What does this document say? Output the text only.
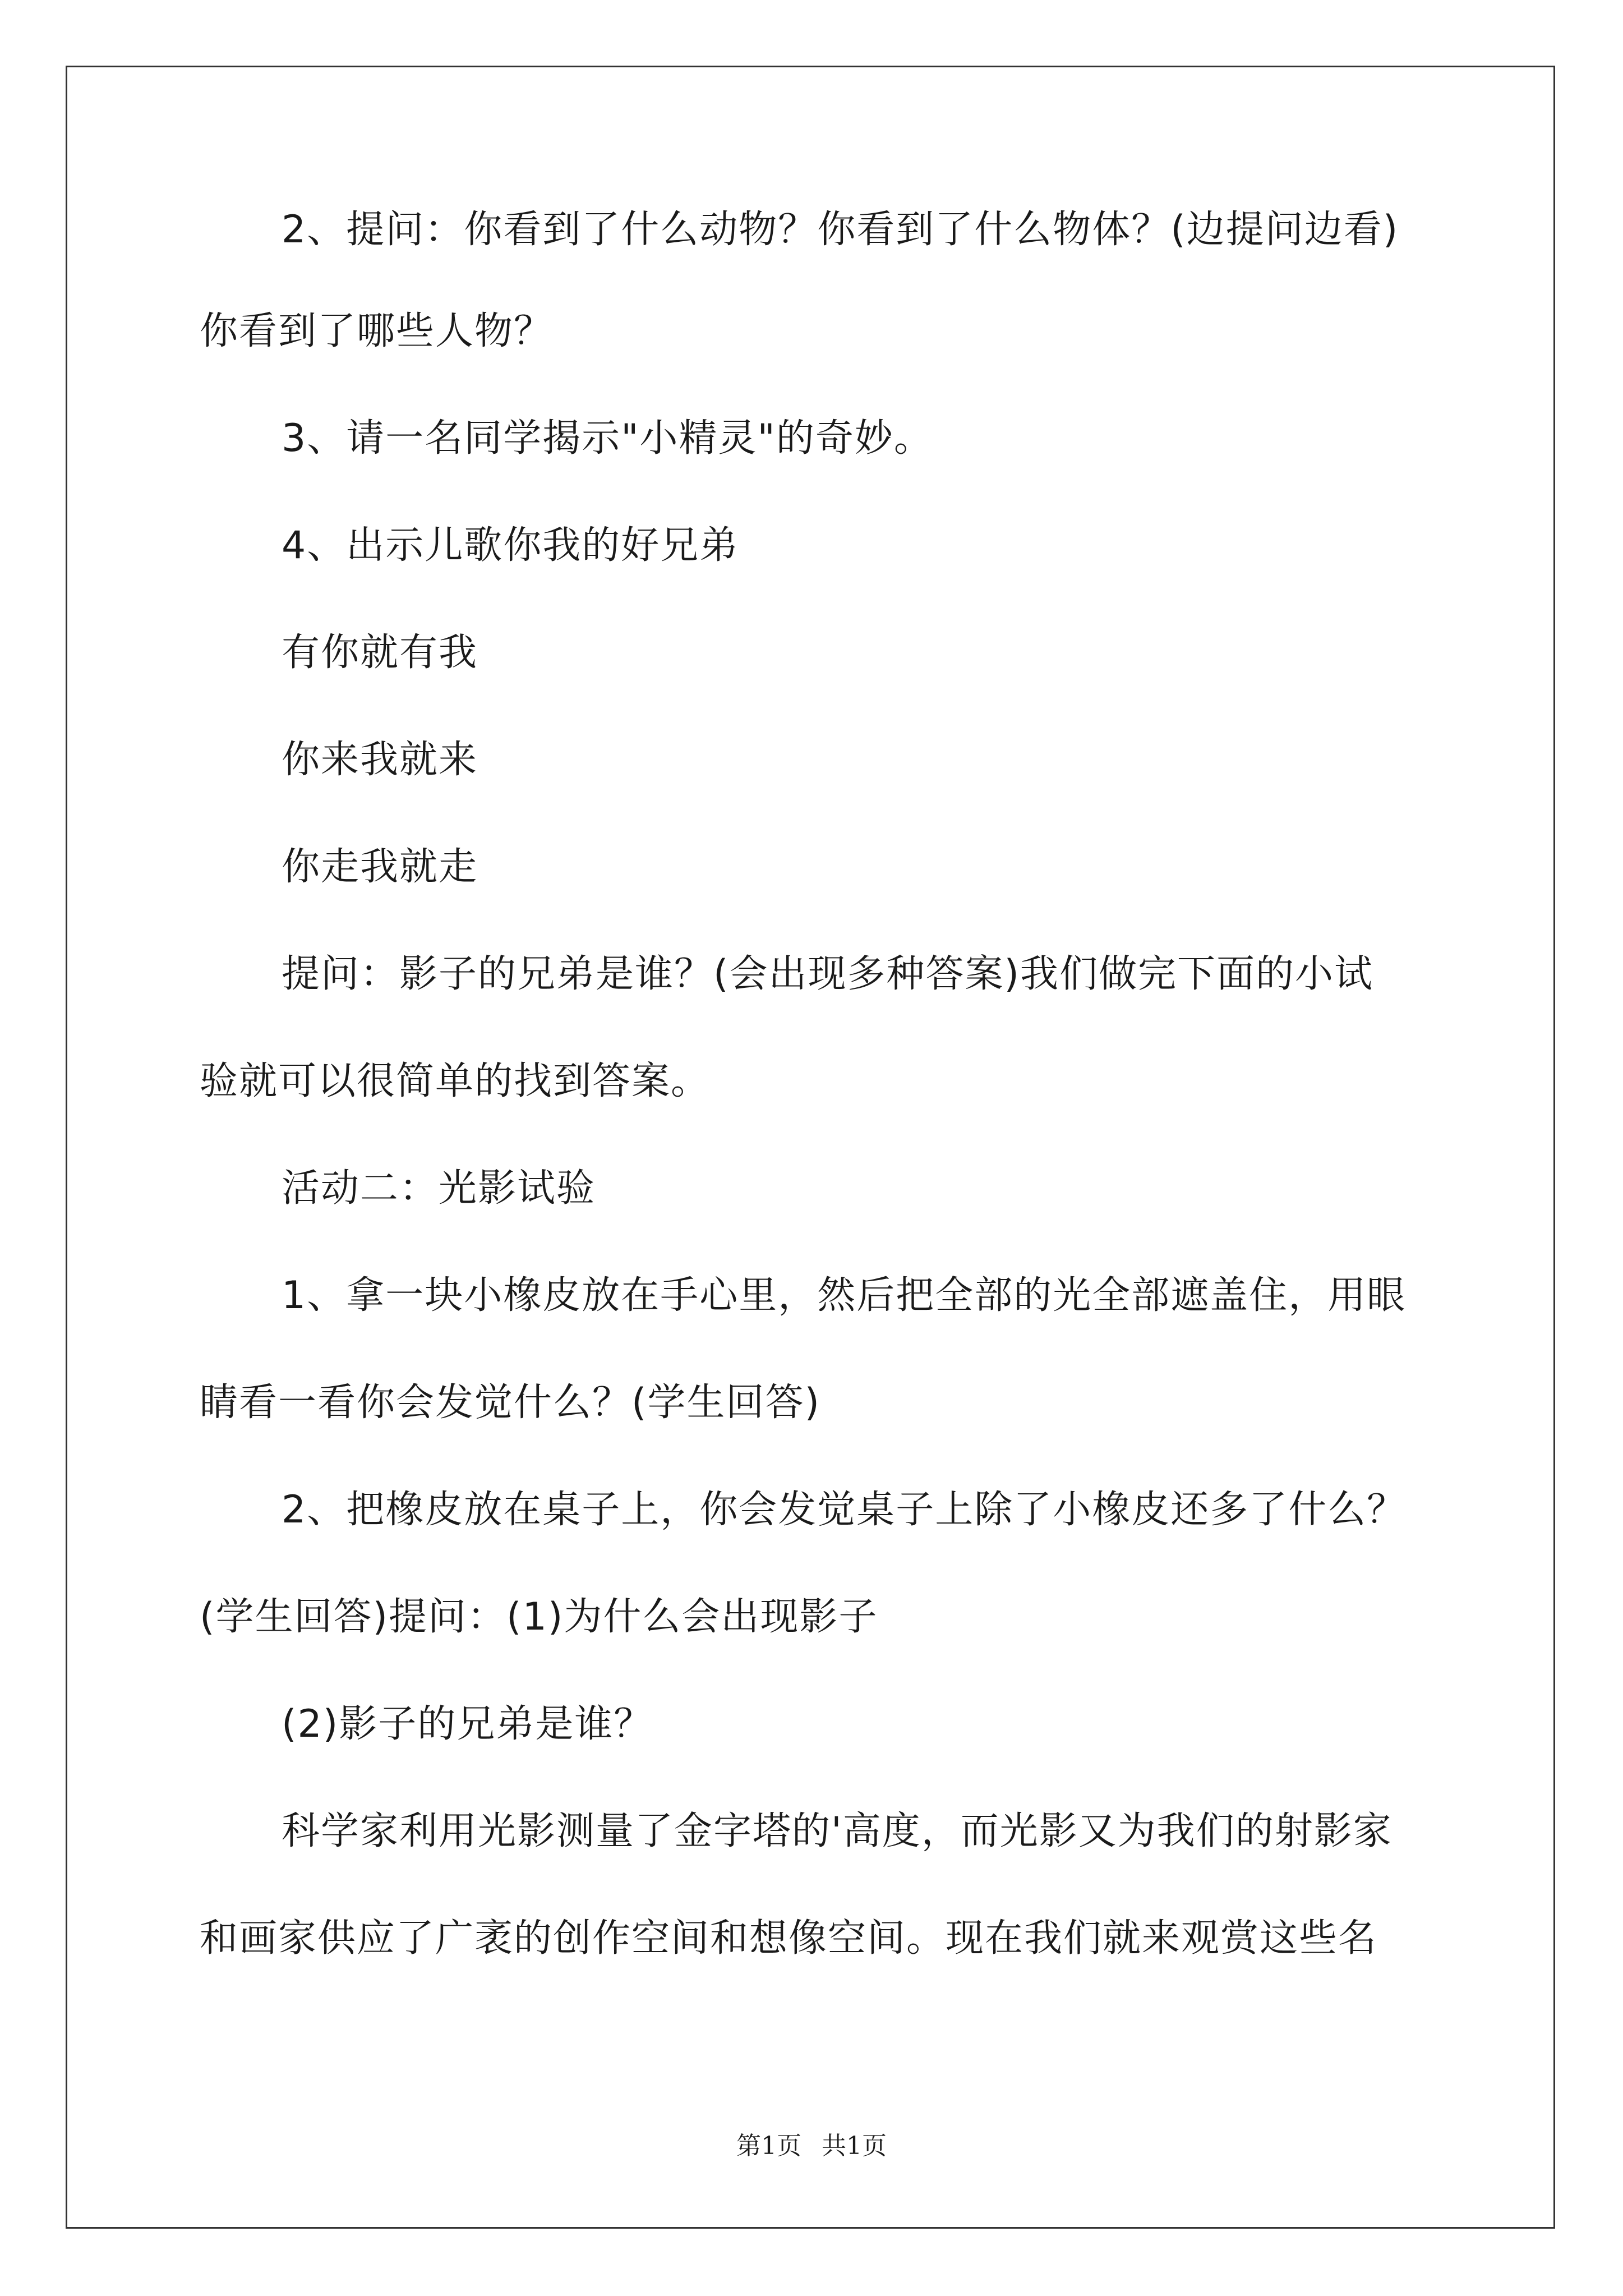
2、提问：你看到了什么动物？你看到了什么物体？(边提问边看)
你看到了哪些人物？
3、请一名同学揭示"小精灵"的奇妙。
4、出示儿歌你我的好兄弟
有你就有我
你来我就来
你走我就走
提问：影子的兄弟是谁？(会出现多种答案)我们做完下面的小试
验就可以很简单的找到答案。
活动二：光影试验
1、拿一块小橡皮放在手心里，然后把全部的光全部遮盖住，用眼
睛看一看你会发觉什么？(学生回答)
2、把橡皮放在桌子上，你会发觉桌子上除了小橡皮还多了什么？
(学生回答)提问：(1)为什么会出现影子
(2)影子的兄弟是谁？
科学家利用光影测量了金字塔的'高度，而光影又为我们的射影家
和画家供应了广袤的创作空间和想像空间。现在我们就来观赏这些名
第1页 共1页
